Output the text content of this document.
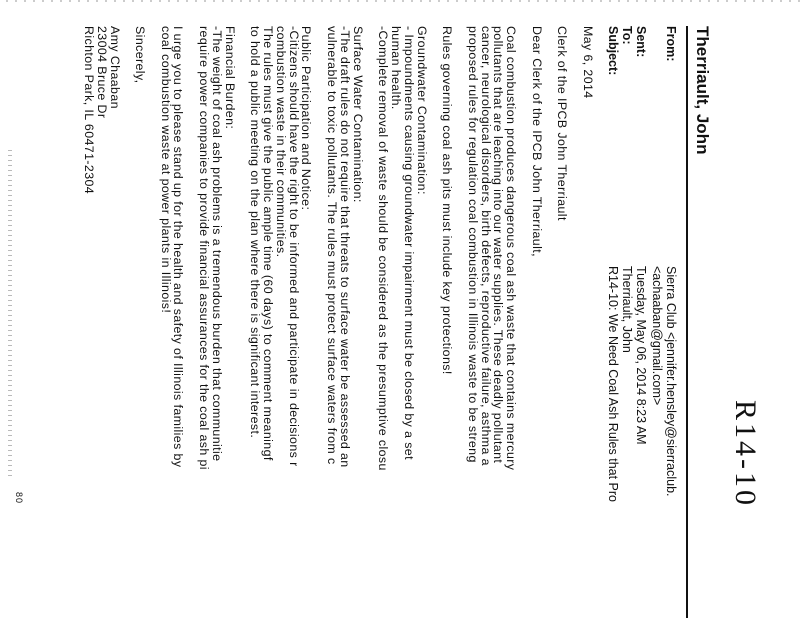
R14-10
Therriault, John
From:
Sierra Club <jennifer.hensley@sierraclub.
<achaaban@gmail.com>
Sent:
Tuesday, May 06, 2014 8:23 AM
To:
Therriault, John
Subject:
R14-10: We Need Coal Ash Rules that Pro
May 6, 2014
Clerk of the IPCB John Therriault
Dear Clerk of the IPCB John Therriault,
Coal combustion produces dangerous coal ash waste that contains mercury
pollutants that are leaching into our water supplies. These deadly pollutant
cancer, neurological disorders, birth defects, reproductive failure, asthma a
proposed rules for regulation coal combustion in Illinois waste to be streng
Rules governing coal ash pits must include key protections!
Groundwater Contamination:
- Impoundments causing groundwater impairment must be closed by a set
human health.
-Complete removal of waste should be considered as the presumptive closu
Surface Water Contamination:
-The draft rules do not require that threats to surface water be assessed an
vulnerable to toxic pollutants. The rules must protect surface waters from c
Public Participation and Notice:
-Citizens should have the right to be informed and participate in decisions r
combustion waste in their communities.
The rules must give the public ample time (60 days) to comment meaningf
to hold a public meeting on the plan where there is significant interest.
Financial Burden:
-The weight of coal ash problems is a tremendous burden that communitie
require power companies to provide financial assurances for the coal ash pi
I urge you to please stand up for the health and safety of Illinois families by
coal combustion waste at power plants in Illinois!
Sincerely,
Amy Chaaban
23004 Bruce Dr
Richton Park, IL 60471-2304
80
